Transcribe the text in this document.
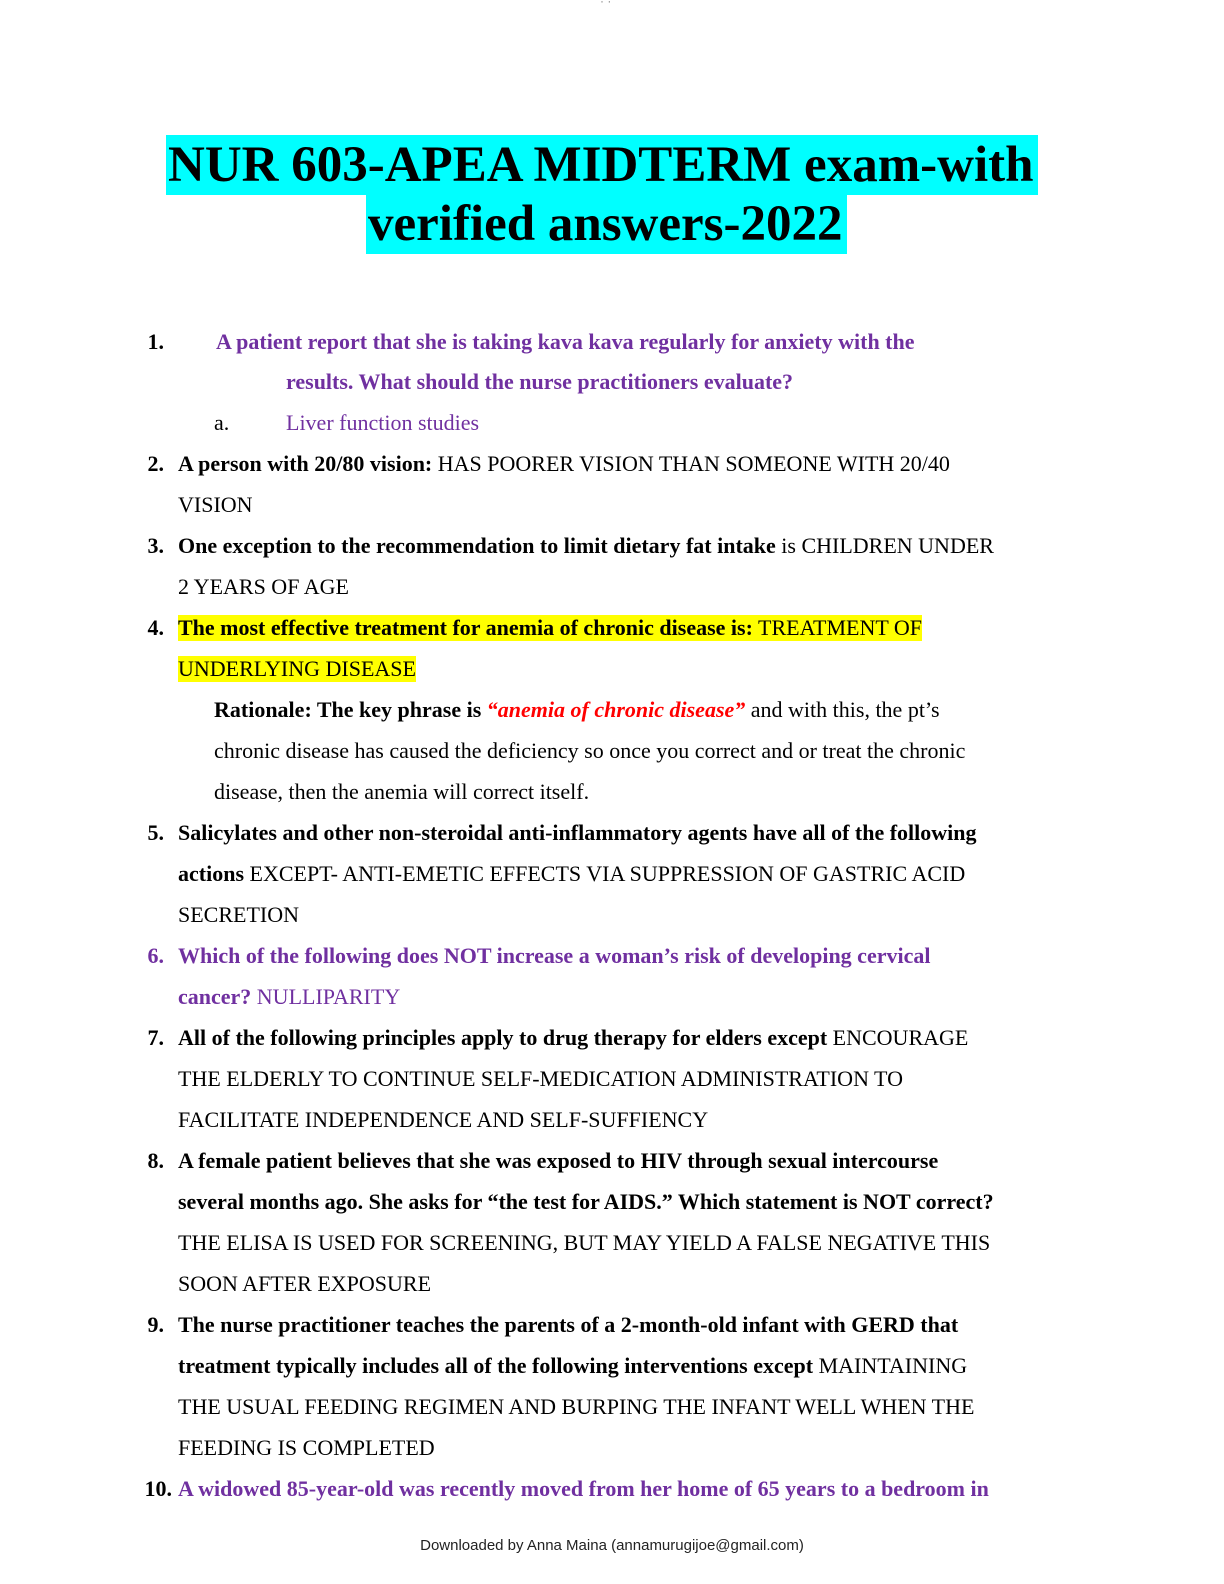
· ·
NUR 603-APEA MIDTERM exam-with
verified answers-2022
1. A patient report that she is taking kava kava regularly for anxiety with the
results. What should the nurse practitioners evaluate?
a.	Liver function studies
2. A person with 20/80 vision: HAS POORER VISION THAN SOMEONE WITH 20/40
VISION
3. One exception to the recommendation to limit dietary fat intake is CHILDREN UNDER
2 YEARS OF AGE
4. The most effective treatment for anemia of chronic disease is: TREATMENT OF
UNDERLYING DISEASE
Rationale: The key phrase is “anemia of chronic disease” and with this, the pt’s
chronic disease has caused the deficiency so once you correct and or treat the chronic
disease, then the anemia will correct itself.
5. Salicylates and other non-steroidal anti-inflammatory agents have all of the following
actions EXCEPT- ANTI-EMETIC EFFECTS VIA SUPPRESSION OF GASTRIC ACID
SECRETION
6. Which of the following does NOT increase a woman’s risk of developing cervical
cancer? NULLIPARITY
7. All of the following principles apply to drug therapy for elders except ENCOURAGE
THE ELDERLY TO CONTINUE SELF-MEDICATION ADMINISTRATION TO
FACILITATE INDEPENDENCE AND SELF-SUFFIENCY
8. A female patient believes that she was exposed to HIV through sexual intercourse
several months ago. She asks for “the test for AIDS.” Which statement is NOT correct?
THE ELISA IS USED FOR SCREENING, BUT MAY YIELD A FALSE NEGATIVE THIS
SOON AFTER EXPOSURE
9. The nurse practitioner teaches the parents of a 2-month-old infant with GERD that
treatment typically includes all of the following interventions except MAINTAINING
THE USUAL FEEDING REGIMEN AND BURPING THE INFANT WELL WHEN THE
FEEDING IS COMPLETED
10. A widowed 85-year-old was recently moved from her home of 65 years to a bedroom in
Downloaded by Anna Maina (annamurugijoe@gmail.com)
